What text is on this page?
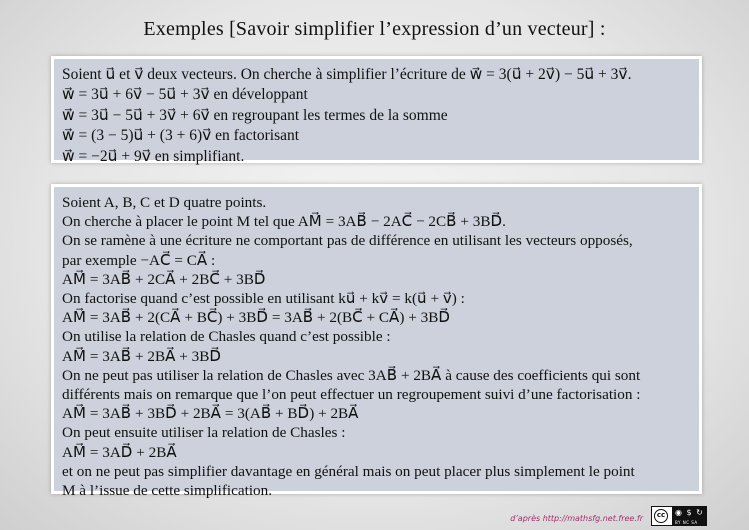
Exemples [Savoir simplifier l’expression d’un vecteur] :
Soient u⃗ et v⃗ deux vecteurs. On cherche à simplifier l’écriture de w⃗ = 3(u⃗ + 2v⃗) − 5u⃗ + 3v⃗.
w⃗ = 3u⃗ + 6v⃗ − 5u⃗ + 3v⃗ en développant
w⃗ = 3u⃗ − 5u⃗ + 3v⃗ + 6v⃗ en regroupant les termes de la somme
w⃗ = (3 − 5)u⃗ + (3 + 6)v⃗ en factorisant
w⃗ = −2u⃗ + 9v⃗ en simplifiant.
Soient A, B, C et D quatre points.
On cherche à placer le point M tel que AM⃗ = 3AB⃗ − 2AC⃗ − 2CB⃗ + 3BD⃗.
On se ramène à une écriture ne comportant pas de différence en utilisant les vecteurs opposés,
par exemple −AC⃗ = CA⃗ :
AM⃗ = 3AB⃗ + 2CA⃗ + 2BC⃗ + 3BD⃗
On factorise quand c’est possible en utilisant ku⃗ + kv⃗ = k(u⃗ + v⃗) :
AM⃗ = 3AB⃗ + 2(CA⃗ + BC⃗) + 3BD⃗ = 3AB⃗ + 2(BC⃗ + CA⃗) + 3BD⃗
On utilise la relation de Chasles quand c’est possible :
AM⃗ = 3AB⃗ + 2BA⃗ + 3BD⃗
On ne peut pas utiliser la relation de Chasles avec 3AB⃗ + 2BA⃗ à cause des coefficients qui sont
différents mais on remarque que l’on peut effectuer un regroupement suivi d’une factorisation :
AM⃗ = 3AB⃗ + 3BD⃗ + 2BA⃗ = 3(AB⃗ + BD⃗) + 2BA⃗
On peut ensuite utiliser la relation de Chasles :
AM⃗ = 3AD⃗ + 2BA⃗
et on ne peut pas simplifier davantage en général mais on peut placer plus simplement le point
M à l’issue de cette simplification.
d’après http://mathsfg.net.free.fr	cc	◉ $ ↻
BY NC SA
